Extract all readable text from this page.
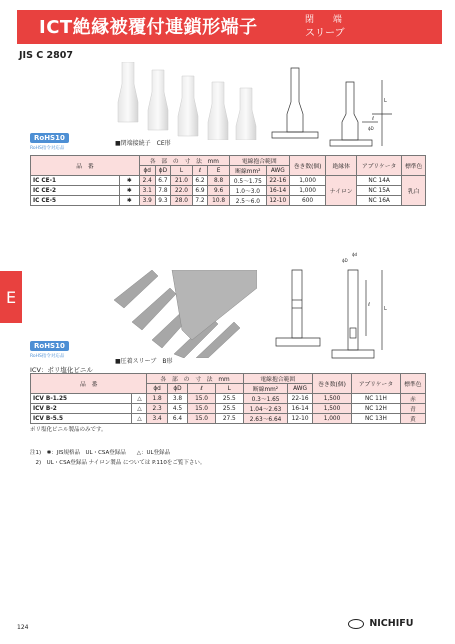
ICT絶縁被覆付連鎖形端子	閉 端
スリーブ
JIS C 2807
■閉端接続子　CE形
L
ℓ
ϕD
RoHS10
RoHS指令対応品
品　番		各　部　の　寸　法　mm					電線抱合範囲		巻き数(個)	絶縁体	アプリケータ	標準色
		ϕd	ϕD	L	ℓ	E	断線mm²	AWG				
IC CE-1	✱	2.4	6.7	21.0	6.2	8.8	0.5〜1.75	22-16	1,000	ナイロン	NC 14A	乳白
IC CE-2	✱	3.1	7.8	22.0	6.9	9.6	1.0〜3.0	16-14	1,000		NC 15A	
IC CE-5	✱	3.9	9.3	28.0	7.2	10.8	2.5〜6.0	12-10	600		NC 16A	
E
■圧着スリーブ　B形
L
ℓ
ϕD
ϕd
RoHS10
RoHS指令対応品
ICV：ポリ塩化ビニル
品　番		各　部　の　寸　法　mm				電線抱合範囲		巻き数(個)	アプリケータ	標準色
		ϕd	ϕD	ℓ	L	断線mm²	AWG			
ICV B-1.25	△	1.8	3.8	15.0	25.5	0.3〜1.65	22-16	1,500	NC 11H	赤
ICV B-2	△	2.3	4.5	15.0	25.5	1.04〜2.63	16-14	1,500	NC 12H	青
ICV B-5.5	△	3.4	6.4	15.0	27.5	2.63〜6.64	12-10	1,000	NC 13H	黄
ポリ塩化ビニル製品のみです。
注1)　✱：JIS規格品　UL・CSA登録品　　△：UL登録品
　2)　UL・CSA登録品 ナイロン製品 については P.110をご覧下さい。
124	NICHIFU
